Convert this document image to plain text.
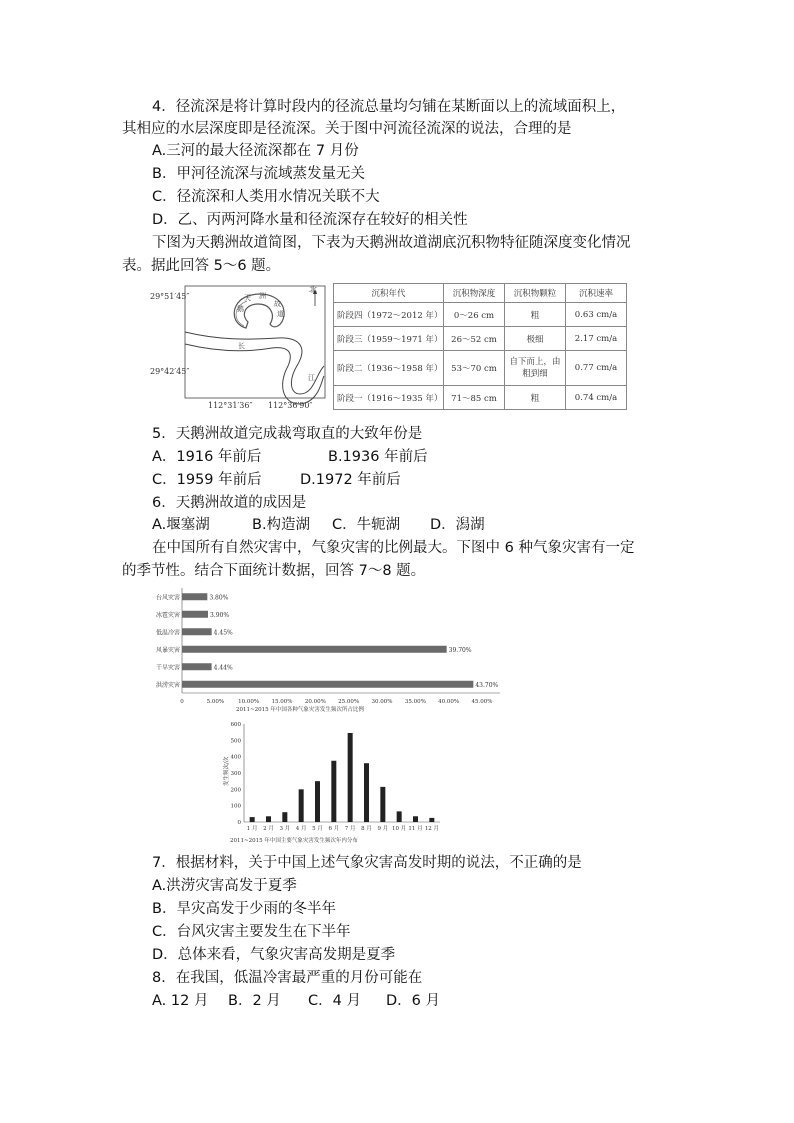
4．径流深是将计算时段内的径流总量均匀铺在某断面以上的流域面积上，
其相应的水层深度即是径流深。关于图中河流径流深的说法，合理的是
A.三河的最大径流深都在 7 月份
B．甲河径流深与流域蒸发量无关
C．径流深和人类用水情况关联不大
D．乙、丙两河降水量和径流深存在较好的相关性
下图为天鹅洲故道简图，下表为天鹅洲故道湖底沉积物特征随深度变化情况
表。据此回答 5～6 题。
29°51′45″
29°42′45″
112°31′36″ 112°36′90″
北
天
鹅
洲
故
道
长
江
沉积年代	沉积物深度	沉积物颗粒	沉积速率
阶段四（1972～2012 年）	0～26 cm	粗	0.63 cm/a
阶段三（1959～1971 年）	26～52 cm	极细	2.17 cm/a
阶段二（1936～1958 年）	53～70 cm	自下而上，由粗到细	0.77 cm/a
阶段一（1916～1935 年）	71～85 cm	粗	0.74 cm/a
5．天鹅洲故道完成裁弯取直的大致年份是
A．1916 年前后	B.1936 年前后
C．1959 年前后	D.1972 年前后
6．天鹅洲故道的成因是
A.堰塞湖	B.构造湖 C．牛轭湖 D．潟湖
在中国所有自然灾害中，气象灾害的比例最大。下图中 6 种气象灾害有一定
的季节性。结合下面统计数据，回答 7～8 题。
台风灾害	3.80%
冰雹灾害	3.90%
低温冷害	4.45%
风暴灾害	39.70%
干旱灾害	4.44%
洪涝灾害	43.70%
0	5.00%	10.00% 15.00% 20.00% 25.00% 30.00% 35.00% 40.00% 45.00%
2011~2015 年中国各种气象灾害发生频次所占比例
0
100
200
300
400
500
600
发生频次/次
1 月 2 月 3 月 4 月 5 月 6 月 7 月 8 月 9 月 10 月 11 月 12 月
2011~2015 年中国主要气象灾害发生频次年内分布
7．根据材料，关于中国上述气象灾害高发时期的说法，不正确的是
A.洪涝灾害高发于夏季
B．旱灾高发于少雨的冬半年
C．台风灾害主要发生在下半年
D．总体来看，气象灾害高发期是夏季
8．在我国，低温冷害最严重的月份可能在
A. 12 月 B．2 月 C．4 月 D．6 月
